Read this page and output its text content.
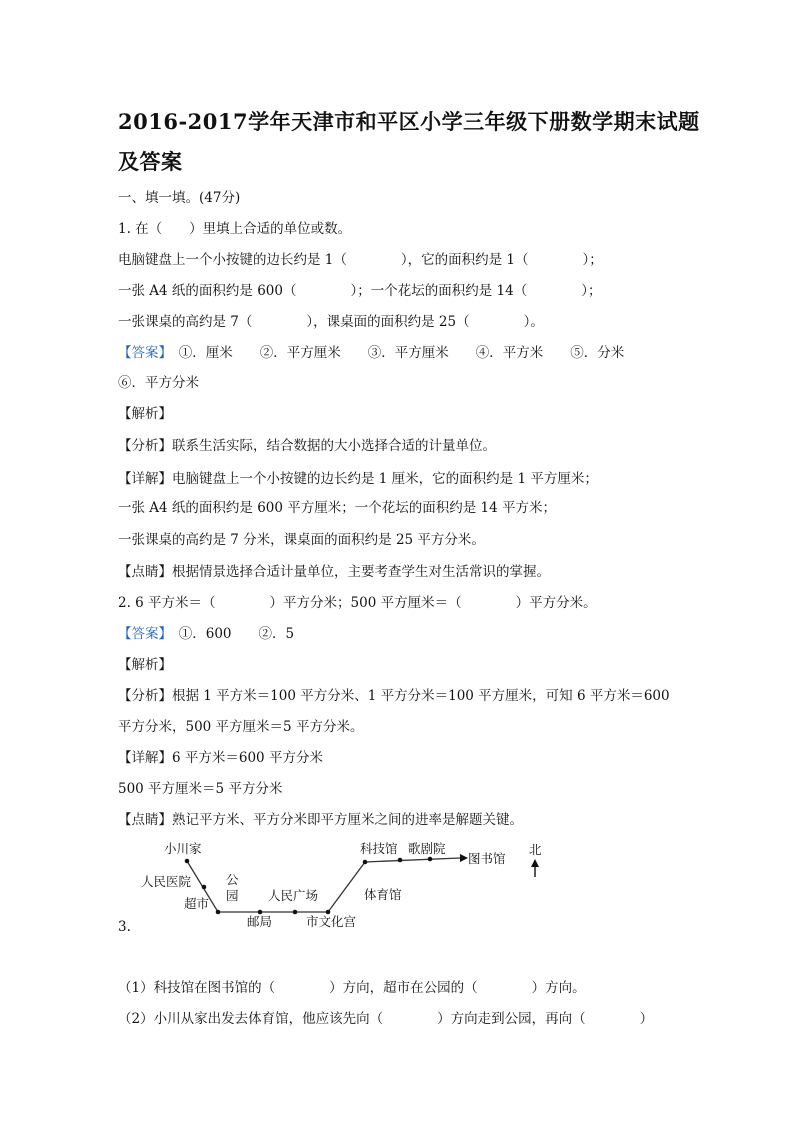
2016-2017学年天津市和平区小学三年级下册数学期末试题
及答案
一、填一填。(47分)
1. 在（　　）里填上合适的单位或数。
电脑键盘上一个小按键的边长约是 1（　　　　），它的面积约是 1（　　　　）；
一张 A4 纸的面积约是 600（　　　　）；一个花坛的面积约是 14（　　　　）；
一张课桌的高约是 7（　　　　），课桌面的面积约是 25（　　　　）。
【答案】　①．厘米　　②．平方厘米　　③．平方厘米　　④．平方米　　⑤．分米
⑥．平方分米
【解析】
【分析】联系生活实际，结合数据的大小选择合适的计量单位。
【详解】电脑键盘上一个小按键的边长约是 1 厘米，它的面积约是 1 平方厘米；
一张 A4 纸的面积约是 600 平方厘米；一个花坛的面积约是 14 平方米；
一张课桌的高约是 7 分米，课桌面的面积约是 25 平方分米。
【点睛】根据情景选择合适计量单位，主要考查学生对生活常识的掌握。
2. 6 平方米＝（　　　　）平方分米；500 平方厘米＝（　　　　）平方分米。
【答案】　①．600　　②．5
【解析】
【分析】根据 1 平方米＝100 平方分米、1 平方分米＝100 平方厘米，可知 6 平方米＝600
平方分米，500 平方厘米＝5 平方分米。
【详解】6 平方米＝600 平方分米
500 平方厘米＝5 平方分米
【点睛】熟记平方米、平方分米即平方厘米之间的进率是解题关键。
小川家
人民医院
超市
公
园
邮局
人民广场
市文化宫
体育馆
科技馆 歌剧院
图书馆
北
3.
（1）科技馆在图书馆的（　　　　）方向，超市在公园的（　　　　）方向。
（2）小川从家出发去体育馆，他应该先向（　　　　）方向走到公园，再向（　　　　）
